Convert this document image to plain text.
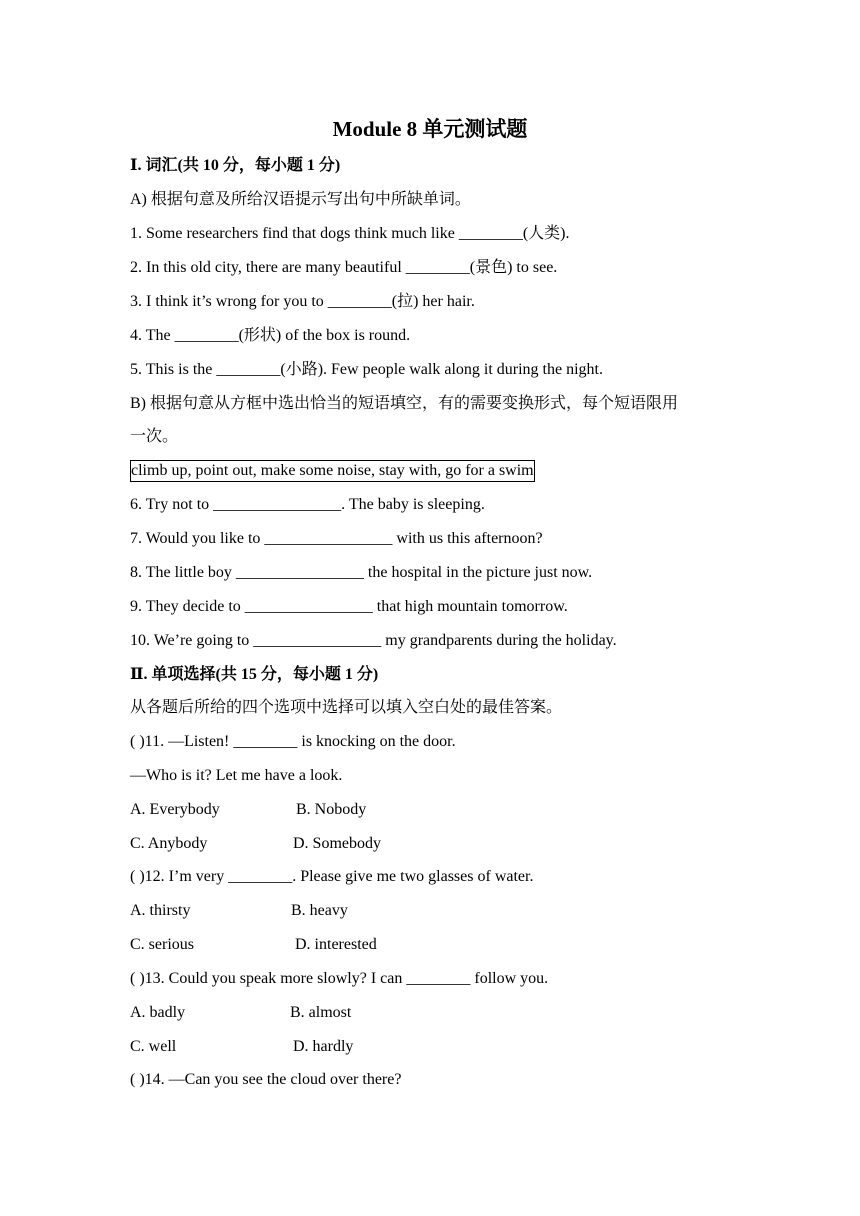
Module 8 单元测试题
Ⅰ. 词汇(共 10 分，每小题 1 分)
A) 根据句意及所给汉语提示写出句中所缺单词。
1. Some researchers find that dogs think much like ________(人类).
2. In this old city, there are many beautiful ________(景色) to see.
3. I think it’s wrong for you to ________(拉) her hair.
4. The ________(形状) of the box is round.
5. This is the ________(小路). Few people walk along it during the night.
B) 根据句意从方框中选出恰当的短语填空，有的需要变换形式，每个短语限用
一次。
climb up, point out, make some noise, stay with, go for a swim
6. Try not to ________________. The baby is sleeping.
7. Would you like to ________________ with us this afternoon?
8. The little boy ________________ the hospital in the picture just now.
9. They decide to ________________ that high mountain tomorrow.
10. We’re going to ________________ my grandparents during the holiday.
Ⅱ. 单项选择(共 15 分，每小题 1 分)
从各题后所给的四个选项中选择可以填入空白处的最佳答案。
( )11. —Listen! ________ is knocking on the door.
—Who is it? Let me have a look.
A. Everybody	B. Nobody
C. Anybody	D. Somebody
( )12. I’m very ________. Please give me two glasses of water.
A. thirsty	B. heavy
C. serious	D. interested
( )13. Could you speak more slowly? I can ________ follow you.
A. badly	B. almost
C. well	D. hardly
( )14. —Can you see the cloud over there?
